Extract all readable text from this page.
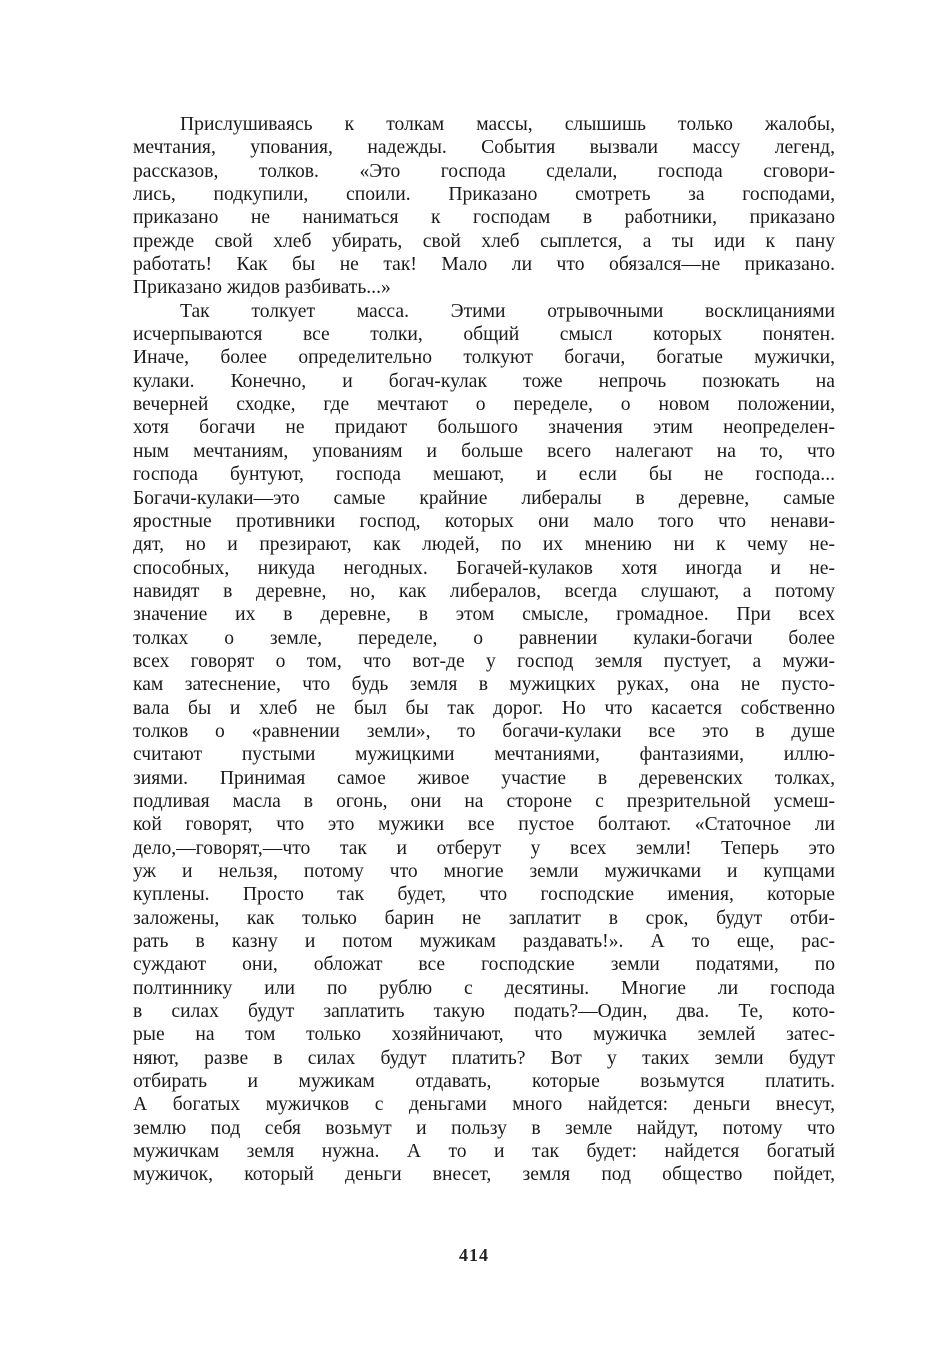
Прислушиваясь к толкам массы, слышишь только жалобы,
мечтания, упования, надежды. События вызвали массу легенд,
рассказов, толков. «Это господа сделали, господа сговори-
лись, подкупили, споили. Приказано смотреть за господами,
приказано не наниматься к господам в работники, приказано
прежде свой хлеб убирать, свой хлеб сыплется, а ты иди к пану
работать! Как бы не так! Мало ли что обязался—не приказано.
Приказано жидов разбивать...»
Так толкует масса. Этими отрывочными восклицаниями
исчерпываются все толки, общий смысл которых понятен.
Иначе, более определительно толкуют богачи, богатые мужички,
кулаки. Конечно, и богач-кулак тоже непрочь позюкать на
вечерней сходке, где мечтают о переделе, о новом положении,
хотя богачи не придают большого значения этим неопределен-
ным мечтаниям, упованиям и больше всего налегают на то, что
господа бунтуют, господа мешают, и если бы не господа...
Богачи-кулаки—это самые крайние либералы в деревне, самые
яростные противники господ, которых они мало того что ненави-
дят, но и презирают, как людей, по их мнению ни к чему не-
способных, никуда негодных. Богачей-кулаков хотя иногда и не-
навидят в деревне, но, как либералов, всегда слушают, а потому
значение их в деревне, в этом смысле, громадное. При всех
толках о земле, переделе, о равнении кулаки-богачи более
всех говорят о том, что вот-де у господ земля пустует, а мужи-
кам затеснение, что будь земля в мужицких руках, она не пусто-
вала бы и хлеб не был бы так дорог. Но что касается собственно
толков о «равнении земли», то богачи-кулаки все это в душе
считают пустыми мужицкими мечтаниями, фантазиями, иллю-
зиями. Принимая самое живое участие в деревенских толках,
подливая масла в огонь, они на стороне с презрительной усмеш-
кой говорят, что это мужики все пустое болтают. «Статочное ли
дело,—говорят,—что так и отберут у всех земли! Теперь это
уж и нельзя, потому что многие земли мужичками и купцами
куплены. Просто так будет, что господские имения, которые
заложены, как только барин не заплатит в срок, будут отби-
рать в казну и потом мужикам раздавать!». А то еще, рас-
суждают они, обложат все господские земли податями, по
полтиннику или по рублю с десятины. Многие ли господа
в силах будут заплатить такую подать?—Один, два. Те, кото-
рые на том только хозяйничают, что мужичка землей затес-
няют, разве в силах будут платить? Вот у таких земли будут
отбирать и мужикам отдавать, которые возьмутся платить.
А богатых мужичков с деньгами много найдется: деньги внесут,
землю под себя возьмут и пользу в земле найдут, потому что
мужичкам земля нужна. А то и так будет: найдется богатый
мужичок, который деньги внесет, земля под общество пойдет,
414
